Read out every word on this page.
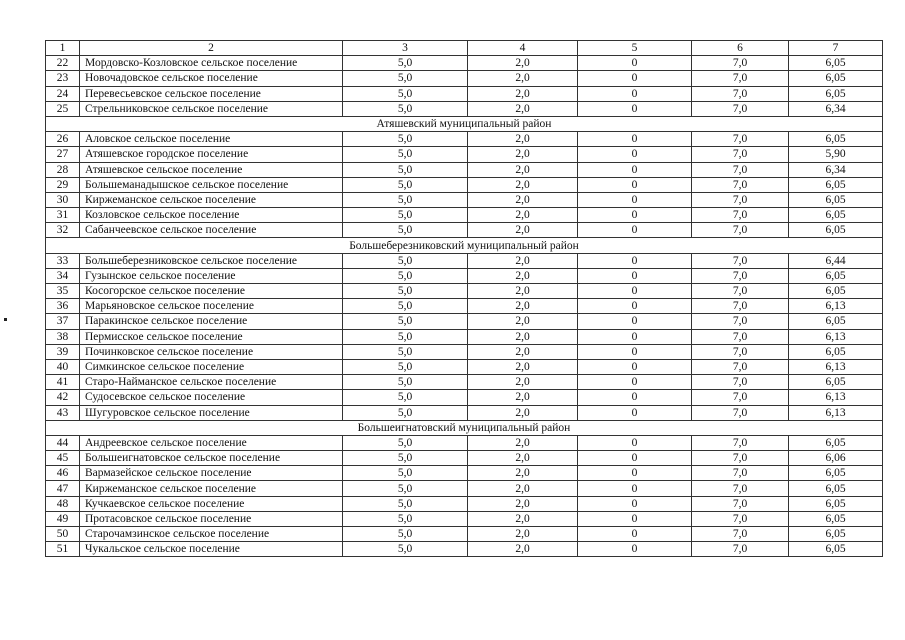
1	2	3	4	5	6	7
22	Мордовско-Козловское сельское поселение	5,0	2,0	0	7,0	6,05
23	Новочадовское сельское поселение	5,0	2,0	0	7,0	6,05
24	Перевесьевское сельское поселение	5,0	2,0	0	7,0	6,05
25	Стрельниковское сельское поселение	5,0	2,0	0	7,0	6,34
Атяшевский муниципальный район						
26	Аловское сельское поселение	5,0	2,0	0	7,0	6,05
27	Атяшевское городское поселение	5,0	2,0	0	7,0	5,90
28	Атяшевское сельское поселение	5,0	2,0	0	7,0	6,34
29	Большеманадышское сельское поселение	5,0	2,0	0	7,0	6,05
30	Киржеманское сельское поселение	5,0	2,0	0	7,0	6,05
31	Козловское сельское поселение	5,0	2,0	0	7,0	6,05
32	Сабанчеевское сельское поселение	5,0	2,0	0	7,0	6,05
Большеберезниковский муниципальный район						
33	Большеберезниковское сельское поселение	5,0	2,0	0	7,0	6,44
34	Гузынское сельское поселение	5,0	2,0	0	7,0	6,05
35	Косогорское сельское поселение	5,0	2,0	0	7,0	6,05
36	Марьяновское сельское поселение	5,0	2,0	0	7,0	6,13
37	Паракинское сельское поселение	5,0	2,0	0	7,0	6,05
38	Пермисское сельское поселение	5,0	2,0	0	7,0	6,13
39	Починковское сельское поселение	5,0	2,0	0	7,0	6,05
40	Симкинское сельское поселение	5,0	2,0	0	7,0	6,13
41	Старо-Найманское сельское поселение	5,0	2,0	0	7,0	6,05
42	Судосевское сельское поселение	5,0	2,0	0	7,0	6,13
43	Шугуровское сельское поселение	5,0	2,0	0	7,0	6,13
Большеигнатовский муниципальный район						
44	Андреевское сельское поселение	5,0	2,0	0	7,0	6,05
45	Большеигнатовское сельское поселение	5,0	2,0	0	7,0	6,06
46	Вармазейское сельское поселение	5,0	2,0	0	7,0	6,05
47	Киржеманское сельское поселение	5,0	2,0	0	7,0	6,05
48	Кучкаевское сельское поселение	5,0	2,0	0	7,0	6,05
49	Протасовское сельское поселение	5,0	2,0	0	7,0	6,05
50	Старочамзинское сельское поселение	5,0	2,0	0	7,0	6,05
51	Чукальское сельское поселение	5,0	2,0	0	7,0	6,05
